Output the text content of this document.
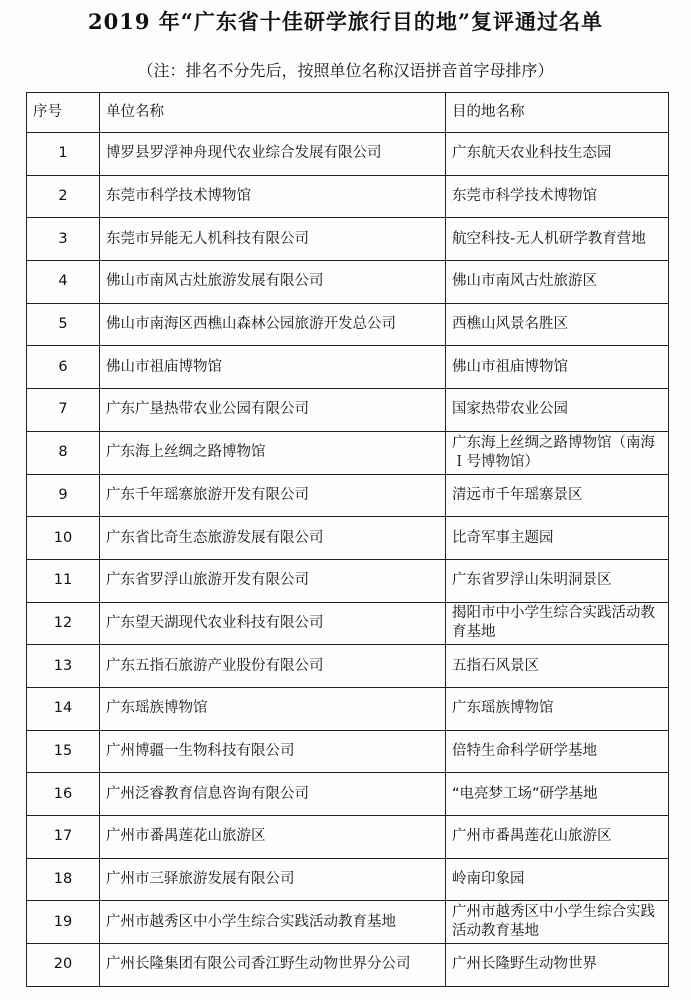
2019 年“广东省十佳研学旅行目的地”复评通过名单
（注：排名不分先后，按照单位名称汉语拼音首字母排序）
序号	单位名称	目的地名称
1	博罗县罗浮神舟现代农业综合发展有限公司	广东航天农业科技生态园
2	东莞市科学技术博物馆	东莞市科学技术博物馆
3	东莞市异能无人机科技有限公司	航空科技-无人机研学教育营地
4	佛山市南风古灶旅游发展有限公司	佛山市南风古灶旅游区
5	佛山市南海区西樵山森林公园旅游开发总公司	西樵山风景名胜区
6	佛山市祖庙博物馆	佛山市祖庙博物馆
7	广东广垦热带农业公园有限公司	国家热带农业公园
8	广东海上丝绸之路博物馆	广东海上丝绸之路博物馆（南海Ｉ号博物馆）
9	广东千年瑶寨旅游开发有限公司	清远市千年瑶寨景区
10	广东省比奇生态旅游发展有限公司	比奇军事主题园
11	广东省罗浮山旅游开发有限公司	广东省罗浮山朱明洞景区
12	广东望天湖现代农业科技有限公司	揭阳市中小学生综合实践活动教育基地
13	广东五指石旅游产业股份有限公司	五指石风景区
14	广东瑶族博物馆	广东瑶族博物馆
15	广州博疆一生物科技有限公司	倍特生命科学研学基地
16	广州泛睿教育信息咨询有限公司	“电亮梦工场”研学基地
17	广州市番禺莲花山旅游区	广州市番禺莲花山旅游区
18	广州市三驿旅游发展有限公司	岭南印象园
19	广州市越秀区中小学生综合实践活动教育基地	广州市越秀区中小学生综合实践活动教育基地
20	广州长隆集团有限公司香江野生动物世界分公司	广州长隆野生动物世界
